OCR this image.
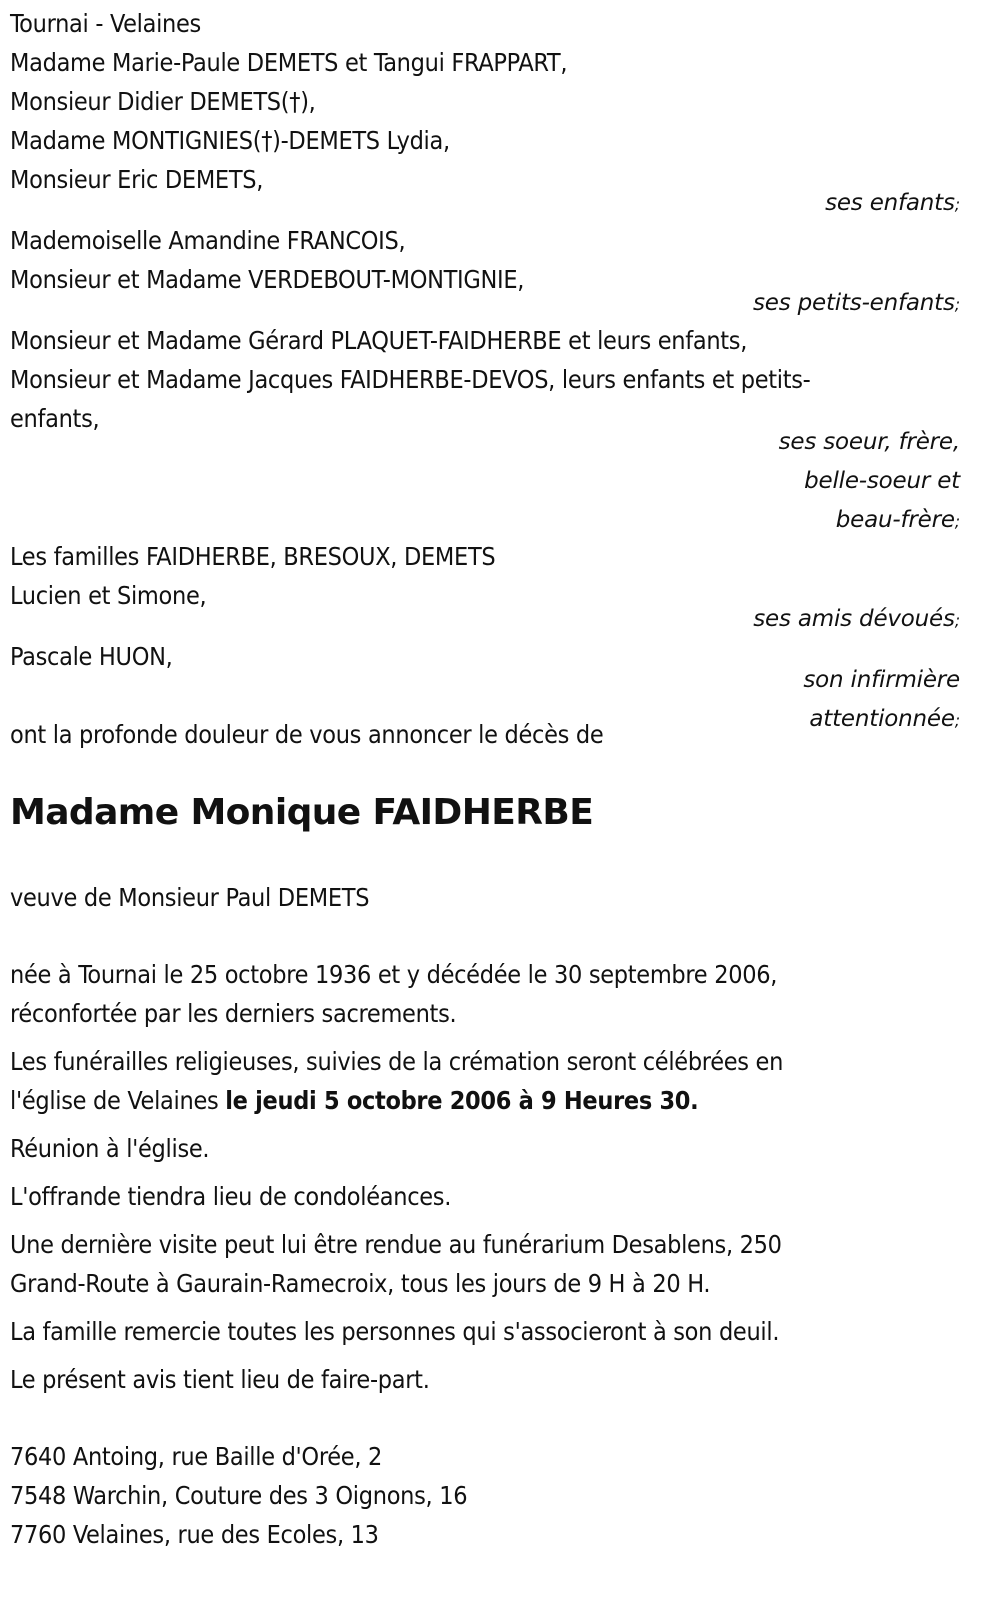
Tournai - Velaines
Madame Marie-Paule DEMETS et Tangui FRAPPART,
Monsieur Didier DEMETS(†),
Madame MONTIGNIES(†)-DEMETS Lydia,
Monsieur Eric DEMETS,
ses enfants;
Mademoiselle Amandine FRANCOIS,
Monsieur et Madame VERDEBOUT-MONTIGNIE,
ses petits-enfants;
Monsieur et Madame Gérard PLAQUET-FAIDHERBE et leurs enfants,
Monsieur et Madame Jacques FAIDHERBE-DEVOS, leurs enfants et petits-
enfants,
ses soeur, frère,
belle-soeur et
beau-frère;
Les familles FAIDHERBE, BRESOUX, DEMETS
Lucien et Simone,
ses amis dévoués;
Pascale HUON,
son infirmière
attentionnée;
ont la profonde douleur de vous annoncer le décès de
Madame Monique FAIDHERBE
veuve de Monsieur Paul DEMETS
née à Tournai le 25 octobre 1936 et y décédée le 30 septembre 2006,
réconfortée par les derniers sacrements.
Les funérailles religieuses, suivies de la crémation seront célébrées en
l'église de Velaines le jeudi 5 octobre 2006 à 9 Heures 30.
Réunion à l'église.
L'offrande tiendra lieu de condoléances.
Une dernière visite peut lui être rendue au funérarium Desablens, 250
Grand-Route à Gaurain-Ramecroix, tous les jours de 9 H à 20 H.
La famille remercie toutes les personnes qui s'associeront à son deuil.
Le présent avis tient lieu de faire-part.
7640 Antoing, rue Baille d'Orée, 2
7548 Warchin, Couture des 3 Oignons, 16
7760 Velaines, rue des Ecoles, 13
